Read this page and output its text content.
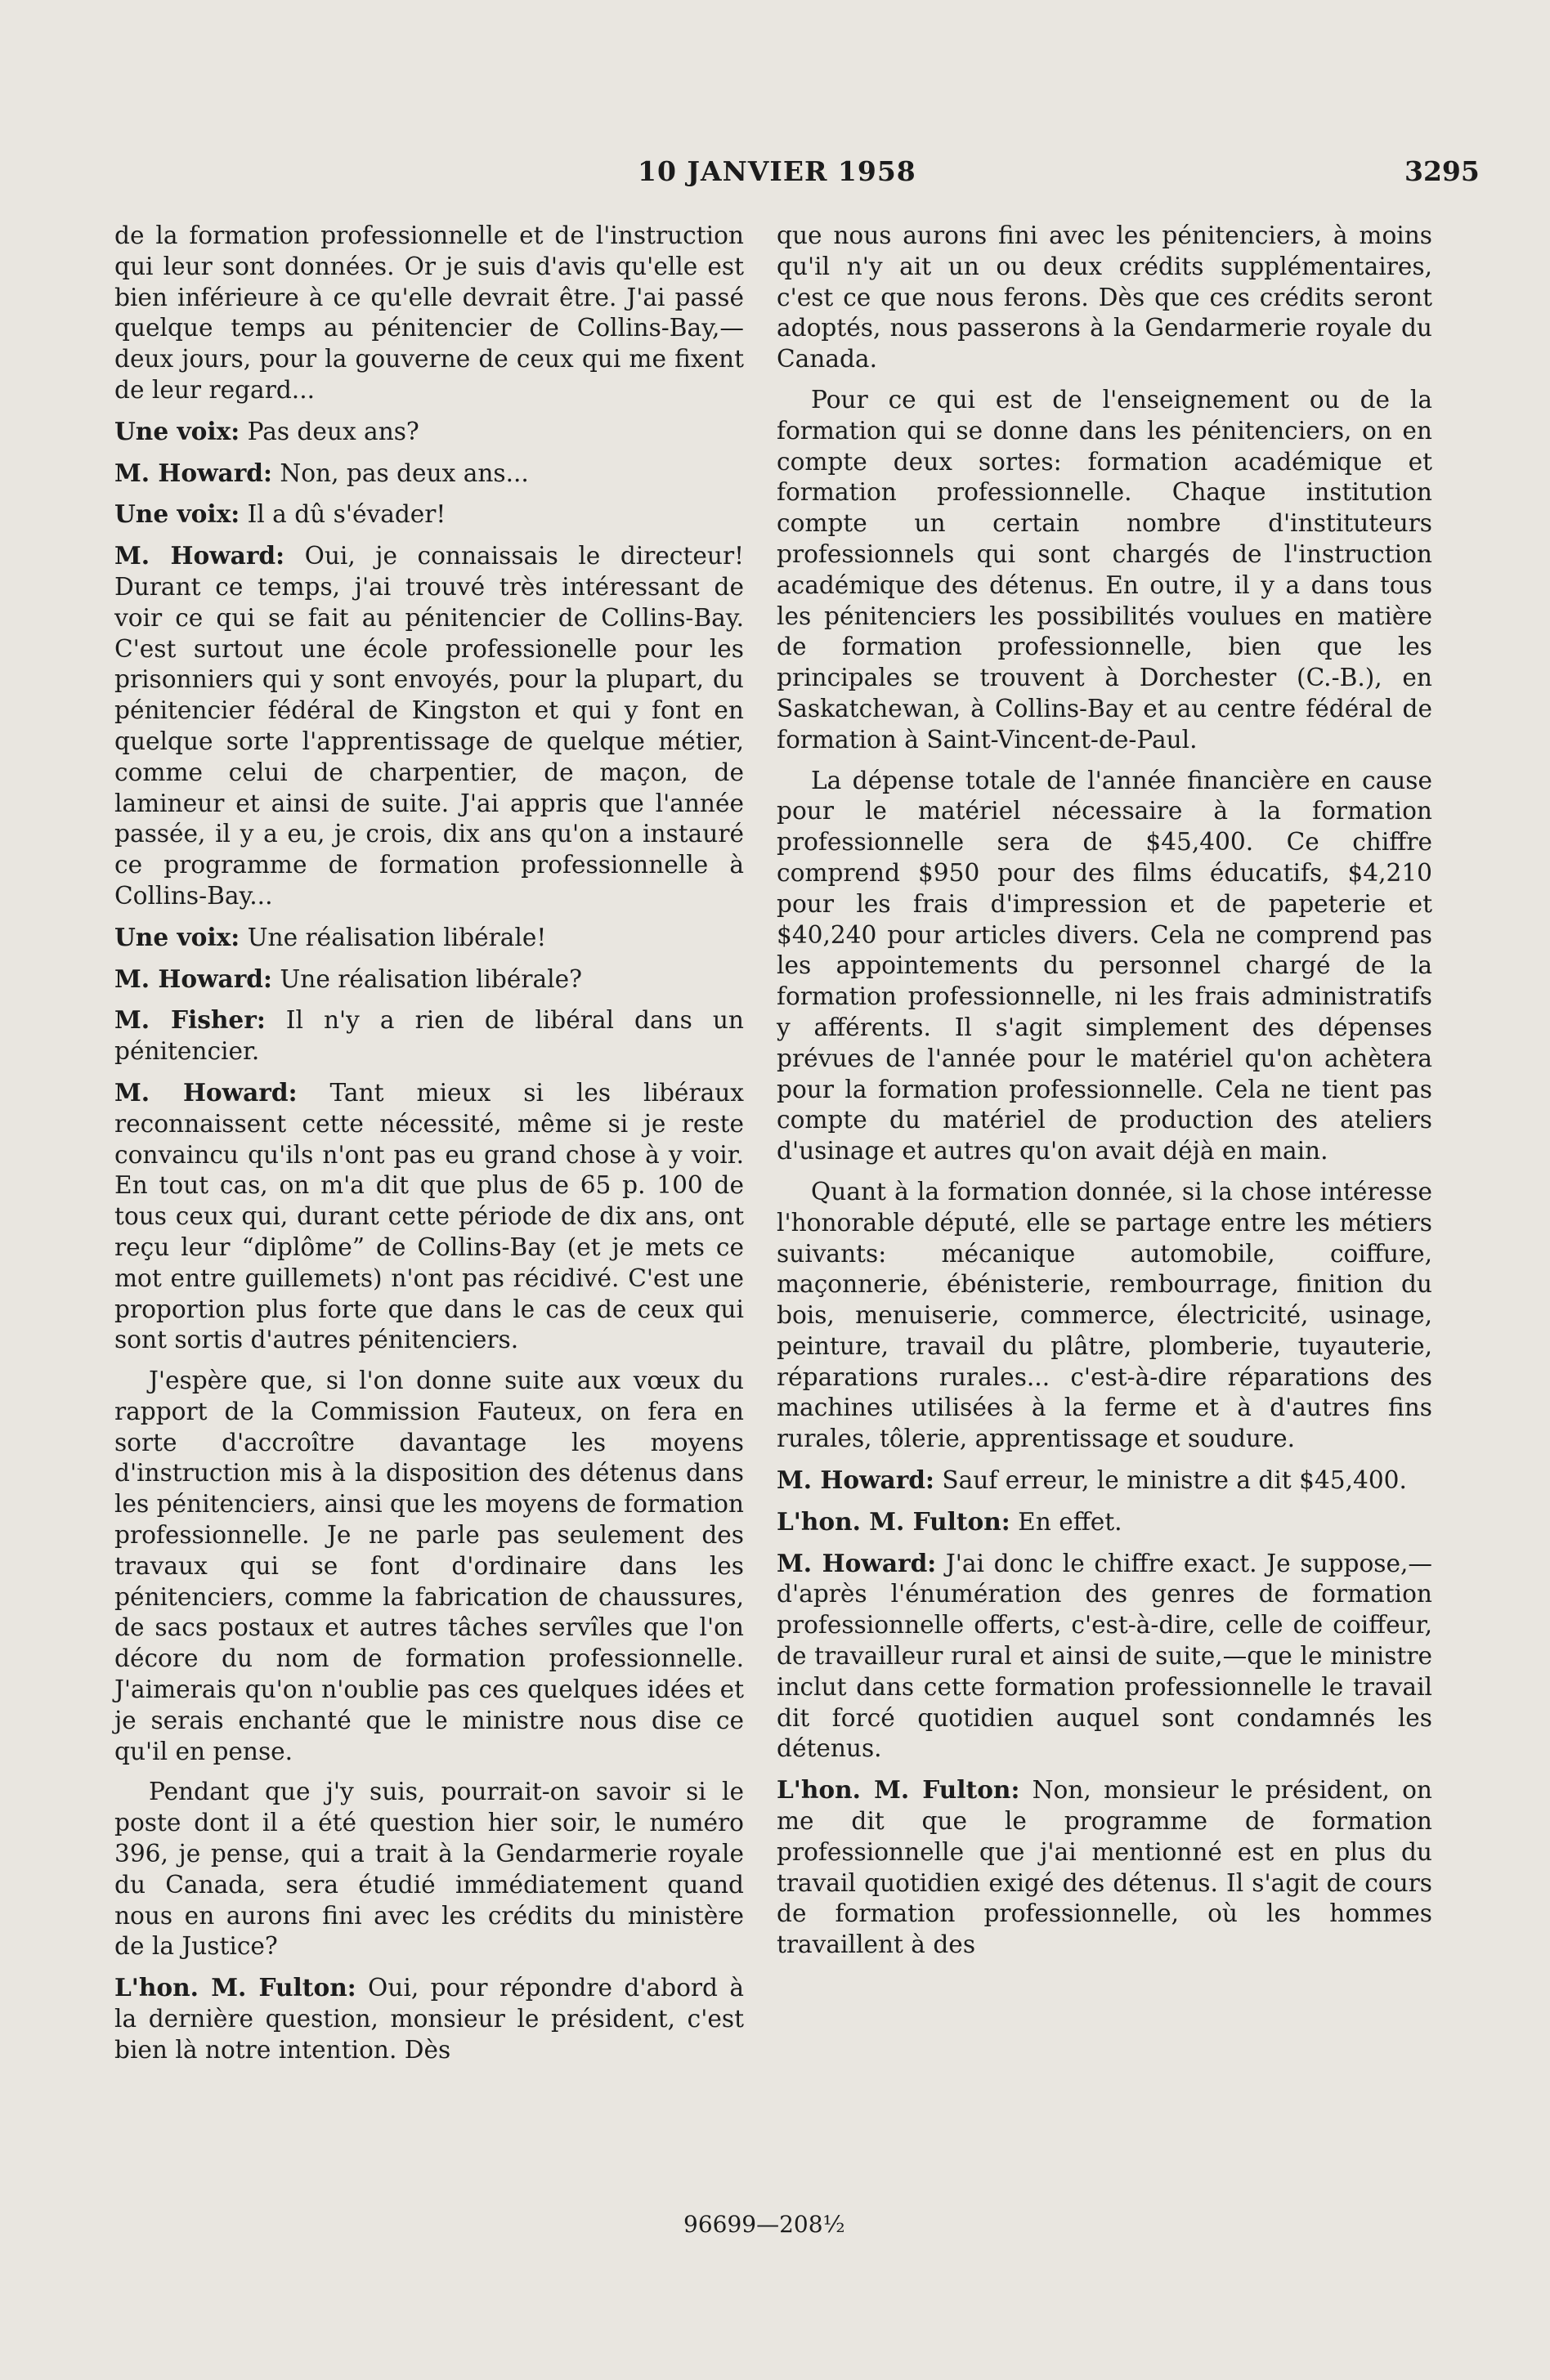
10 JANVIER 1958	3295

de la formation professionnelle et de l'instruction qui leur sont données. Or je suis d'avis qu'elle est bien inférieure à ce qu'elle devrait être. J'ai passé quelque temps au pénitencier de Collins-Bay,—deux jours, pour la gouverne de ceux qui me fixent de leur regard...

Une voix: Pas deux ans?

M. Howard: Non, pas deux ans...

Une voix: Il a dû s'évader!

M. Howard: Oui, je connaissais le directeur! Durant ce temps, j'ai trouvé très intéressant de voir ce qui se fait au pénitencier de Collins-Bay. C'est surtout une école professionelle pour les prisonniers qui y sont envoyés, pour la plupart, du pénitencier fédéral de Kingston et qui y font en quelque sorte l'apprentissage de quelque métier, comme celui de charpentier, de maçon, de lamineur et ainsi de suite. J'ai appris que l'année passée, il y a eu, je crois, dix ans qu'on a instauré ce programme de formation professionnelle à Collins-Bay...

Une voix: Une réalisation libérale!

M. Howard: Une réalisation libérale?

M. Fisher: Il n'y a rien de libéral dans un pénitencier.

M. Howard: Tant mieux si les libéraux reconnaissent cette nécessité, même si je reste convaincu qu'ils n'ont pas eu grand chose à y voir. En tout cas, on m'a dit que plus de 65 p. 100 de tous ceux qui, durant cette période de dix ans, ont reçu leur “diplôme” de Collins-Bay (et je mets ce mot entre guillemets) n'ont pas récidivé. C'est une proportion plus forte que dans le cas de ceux qui sont sortis d'autres pénitenciers.

J'espère que, si l'on donne suite aux vœux du rapport de la Commission Fauteux, on fera en sorte d'accroître davantage les moyens d'instruction mis à la disposition des détenus dans les pénitenciers, ainsi que les moyens de formation professionnelle. Je ne parle pas seulement des travaux qui se font d'ordinaire dans les pénitenciers, comme la fabrication de chaussures, de sacs postaux et autres tâches servîles que l'on décore du nom de formation professionnelle. J'aimerais qu'on n'oublie pas ces quelques idées et je serais enchanté que le ministre nous dise ce qu'il en pense.

Pendant que j'y suis, pourrait-on savoir si le poste dont il a été question hier soir, le numéro 396, je pense, qui a trait à la Gendarmerie royale du Canada, sera étudié immédiatement quand nous en aurons fini avec les crédits du ministère de la Justice?

L'hon. M. Fulton: Oui, pour répondre d'abord à la dernière question, monsieur le président, c'est bien là notre intention. Dès

que nous aurons fini avec les pénitenciers, à moins qu'il n'y ait un ou deux crédits supplémentaires, c'est ce que nous ferons. Dès que ces crédits seront adoptés, nous passerons à la Gendarmerie royale du Canada.

Pour ce qui est de l'enseignement ou de la formation qui se donne dans les pénitenciers, on en compte deux sortes: formation académique et formation professionnelle. Chaque institution compte un certain nombre d'instituteurs professionnels qui sont chargés de l'instruction académique des détenus. En outre, il y a dans tous les pénitenciers les possibilités voulues en matière de formation professionnelle, bien que les principales se trouvent à Dorchester (C.-B.), en Saskatchewan, à Collins-Bay et au centre fédéral de formation à Saint-Vincent-de-Paul.

La dépense totale de l'année financière en cause pour le matériel nécessaire à la formation professionnelle sera de $45,400. Ce chiffre comprend $950 pour des films éducatifs, $4,210 pour les frais d'impression et de papeterie et $40,240 pour articles divers. Cela ne comprend pas les appointements du personnel chargé de la formation professionnelle, ni les frais administratifs y afférents. Il s'agit simplement des dépenses prévues de l'année pour le matériel qu'on achètera pour la formation professionnelle. Cela ne tient pas compte du matériel de production des ateliers d'usinage et autres qu'on avait déjà en main.

Quant à la formation donnée, si la chose intéresse l'honorable député, elle se partage entre les métiers suivants: mécanique automobile, coiffure, maçonnerie, ébénisterie, rembourrage, finition du bois, menuiserie, commerce, électricité, usinage, peinture, travail du plâtre, plomberie, tuyauterie, réparations rurales... c'est-à-dire réparations des machines utilisées à la ferme et à d'autres fins rurales, tôlerie, apprentissage et soudure.

M. Howard: Sauf erreur, le ministre a dit $45,400.

L'hon. M. Fulton: En effet.

M. Howard: J'ai donc le chiffre exact. Je suppose,—d'après l'énumération des genres de formation professionnelle offerts, c'est-à-dire, celle de coiffeur, de travailleur rural et ainsi de suite,—que le ministre inclut dans cette formation professionnelle le travail dit forcé quotidien auquel sont condamnés les détenus.

L'hon. M. Fulton: Non, monsieur le président, on me dit que le programme de formation professionnelle que j'ai mentionné est en plus du travail quotidien exigé des détenus. Il s'agit de cours de formation professionnelle, où les hommes travaillent à des

96699—208½
